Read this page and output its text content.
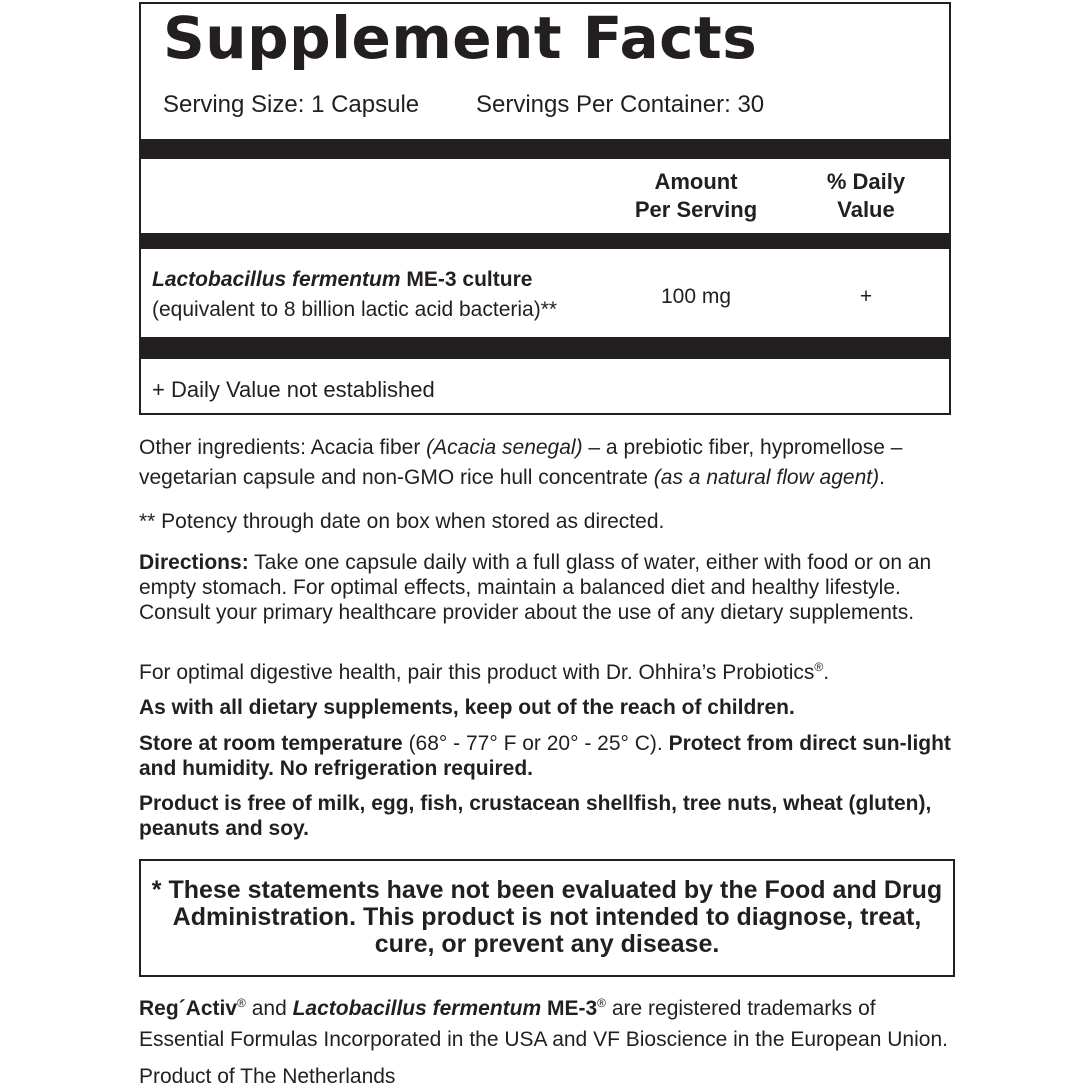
Supplement Facts
Serving Size: 1 Capsule Servings Per Container: 30
Amount
Per Serving
% Daily
Value
Lactobacillus fermentum ME-3 culture
(equivalent to 8 billion lactic acid bacteria)**
100 mg	+
+ Daily Value not established

Other ingredients: Acacia fiber (Acacia senegal) – a prebiotic fiber, hypromellose – vegetarian capsule and non-GMO rice hull concentrate (as a natural flow agent).

** Potency through date on box when stored as directed.

Directions: Take one capsule daily with a full glass of water, either with food or on an empty stomach. For optimal effects, maintain a balanced diet and healthy lifestyle. Consult your primary healthcare provider about the use of any dietary supplements.

For optimal digestive health, pair this product with Dr. Ohhira’s Probiotics®.

As with all dietary supplements, keep out of the reach of children.

Store at room temperature (68° - 77° F or 20° - 25° C). Protect from direct sun-light and humidity. No refrigeration required.

Product is free of milk, egg, fish, crustacean shellfish, tree nuts, wheat (gluten), peanuts and soy.

* These statements have not been evaluated by the Food and Drug
Administration. This product is not intended to diagnose, treat,
cure, or prevent any disease.

Reg´Activ® and Lactobacillus fermentum ME-3® are registered trademarks of Essential Formulas Incorporated in the USA and VF Bioscience in the European Union.

Product of The Netherlands
